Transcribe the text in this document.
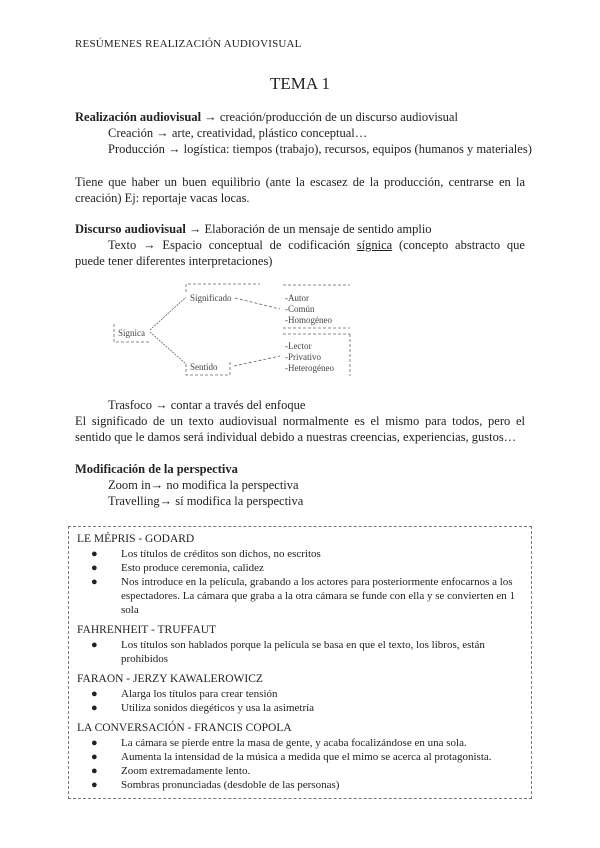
RESÚMENES REALIZACIÓN AUDIOVISUAL
TEMA 1
Realización audiovisual → creación/producción de un discurso audiovisual
Creación → arte, creatividad, plástico conceptual…
Producción → logística: tiempos (trabajo), recursos, equipos (humanos y materiales)
Tiene que haber un buen equilibrio (ante la escasez de la producción, centrarse en la creación) Ej: reportaje vacas locas.
Discurso audiovisual → Elaboración de un mensaje de sentido amplio
Texto → Espacio conceptual de codificación sígnica (concepto abstracto que puede tener diferentes interpretaciones)
Sígnica
Significado
Sentido
-Autor
-Común
-Homogéneo
-Lector
-Privativo
-Heterogéneo
Trasfoco → contar a través del enfoque
El significado de un texto audiovisual normalmente es el mismo para todos, pero el sentido que le damos será individual debido a nuestras creencias, experiencias, gustos…
Modificación de la perspectiva
Zoom in→ no modifica la perspectiva
Travelling→ sí modifica la perspectiva
LE MÉPRIS - GODARD
● Los títulos de créditos son dichos, no escritos
● Esto produce ceremonia, calidez
● Nos introduce en la película, grabando a los actores para posteriormente enfocarnos a los espectadores. La cámara que graba a la otra cámara se funde con ella y se convierten en 1 sola
FAHRENHEIT - TRUFFAUT
● Los títulos son hablados porque la película se basa en que el texto, los libros, están prohibidos
FARAON - JERZY KAWALEROWICZ
● Alarga los títulos para crear tensión
● Utiliza sonidos diegéticos y usa la asimetría
LA CONVERSACIÓN - FRANCIS COPOLA
● La cámara se pierde entre la masa de gente, y acaba focalizándose en una sola.
● Aumenta la intensidad de la música a medida que el mimo se acerca al protagonista.
● Zoom extremadamente lento.
● Sombras pronunciadas (desdoble de las personas)
